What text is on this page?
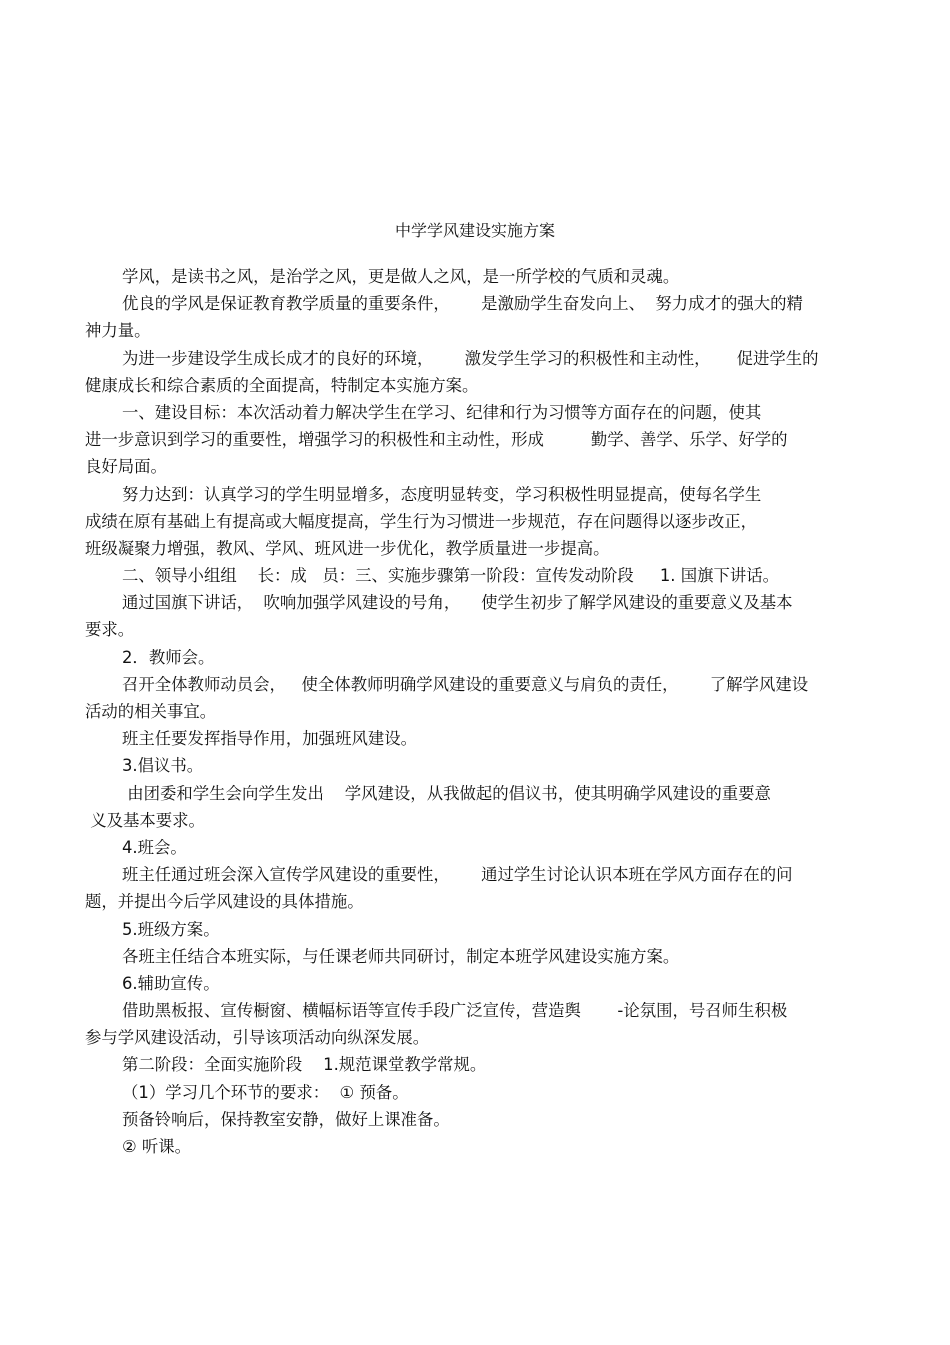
中学学风建设实施方案
学风，是读书之风，是治学之风，更是做人之风，是一所学校的气质和灵魂。
优良的学风是保证教育教学质量的重要条件，      是激励学生奋发向上、  努力成才的强大的精
神力量。
为进一步建设学生成长成才的良好的环境，      激发学生学习的积极性和主动性，     促进学生的
健康成长和综合素质的全面提高，特制定本实施方案。
一、建设目标：本次活动着力解决学生在学习、纪律和行为习惯等方面存在的问题，使其
进一步意识到学习的重要性，增强学习的积极性和主动性，形成         勤学、善学、乐学、好学的
良好局面。
努力达到：认真学习的学生明显增多，态度明显转变，学习积极性明显提高，使每名学生
成绩在原有基础上有提高或大幅度提高，学生行为习惯进一步规范，存在问题得以逐步改正，
班级凝聚力增强，教风、学风、班风进一步优化，教学质量进一步提高。
二、领导小组组    长：成   员：三、实施步骤第一阶段：宣传发动阶段     1. 国旗下讲话。
通过国旗下讲话，  吹响加强学风建设的号角，    使学生初步了解学风建设的重要意义及基本
要求。
2．教师会。
召开全体教师动员会，   使全体教师明确学风建设的重要意义与肩负的责任，      了解学风建设
活动的相关事宜。
班主任要发挥指导作用，加强班风建设。
3.倡议书。
由团委和学生会向学生发出    学风建设，从我做起的倡议书，使其明确学风建设的重要意
义及基本要求。
4.班会。
班主任通过班会深入宣传学风建设的重要性，      通过学生讨论认识本班在学风方面存在的问
题，并提出今后学风建设的具体措施。
5.班级方案。
各班主任结合本班实际，与任课老师共同研讨，制定本班学风建设实施方案。
6.辅助宣传。
借助黑板报、宣传橱窗、横幅标语等宣传手段广泛宣传，营造舆       -论氛围，号召师生积极
参与学风建设活动，引导该项活动向纵深发展。
第二阶段：全面实施阶段    1.规范课堂教学常规。
（1）学习几个环节的要求：  ① 预备。
预备铃响后，保持教室安静，做好上课准备。
② 听课。
